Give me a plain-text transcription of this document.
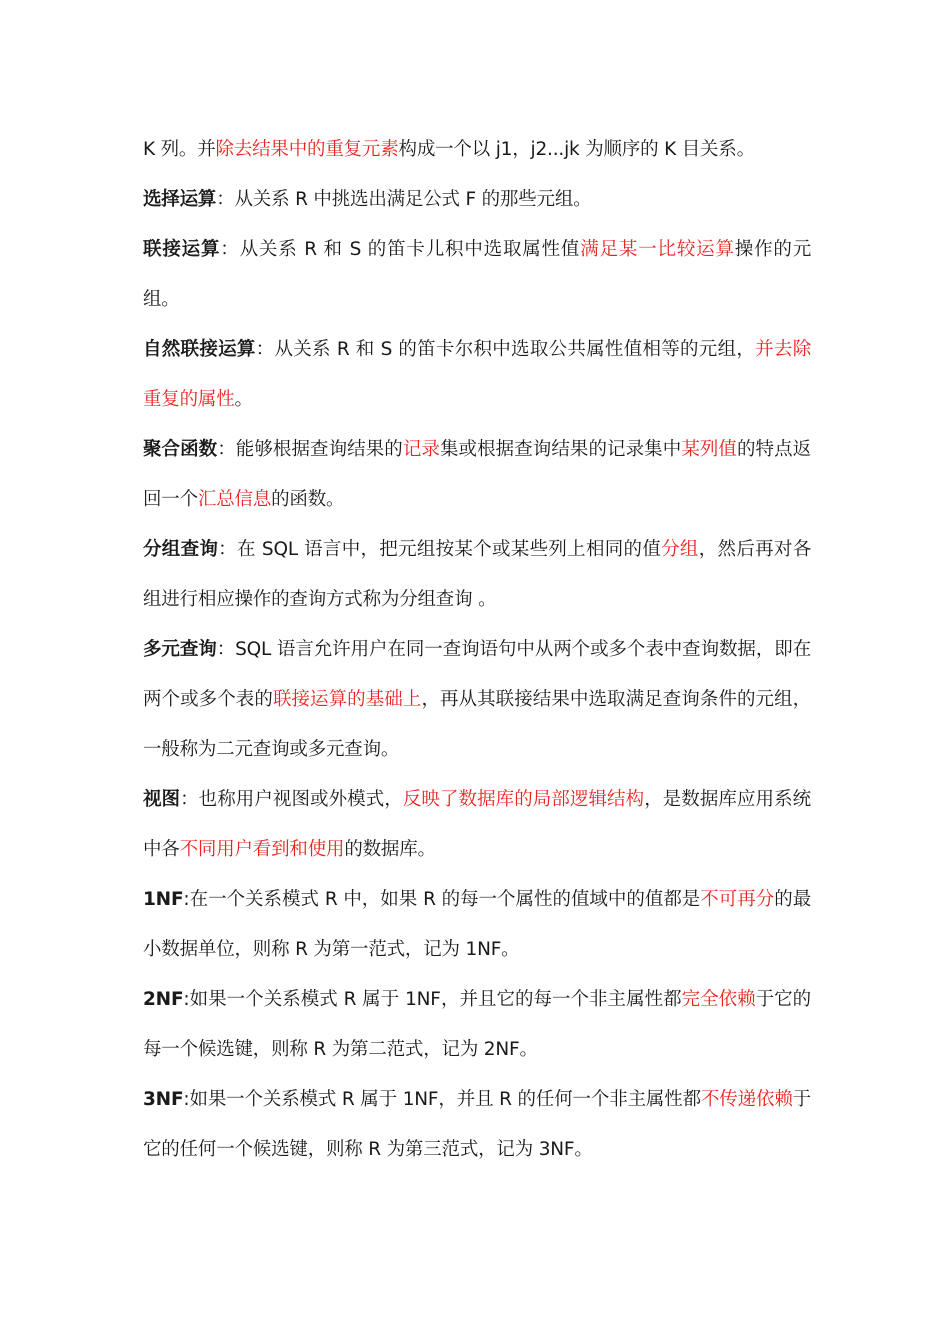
K 列。并除去结果中的重复元素构成一个以 j1，j2...jk 为顺序的 K 目关系。

选择运算：从关系 R 中挑选出满足公式 F 的那些元组。

联接运算：从关系 R 和 S 的笛卡儿积中选取属性值满足某一比较运算操作的元组。

自然联接运算：从关系 R 和 S 的笛卡尔积中选取公共属性值相等的元组，并去除重复的属性。

聚合函数：能够根据查询结果的记录集或根据查询结果的记录集中某列值的特点返回一个汇总信息的函数。

分组查询：在 SQL 语言中，把元组按某个或某些列上相同的值分组，然后再对各组进行相应操作的查询方式称为分组查询 。

多元查询：SQL 语言允许用户在同一查询语句中从两个或多个表中查询数据，即在两个或多个表的联接运算的基础上，再从其联接结果中选取满足查询条件的元组，一般称为二元查询或多元查询。

视图：也称用户视图或外模式，反映了数据库的局部逻辑结构，是数据库应用系统中各不同用户看到和使用的数据库。

1NF:在一个关系模式 R 中，如果 R 的每一个属性的值域中的值都是不可再分的最小数据单位，则称 R 为第一范式，记为 1NF。

2NF:如果一个关系模式 R 属于 1NF，并且它的每一个非主属性都完全依赖于它的每一个候选键，则称 R 为第二范式，记为 2NF。

3NF:如果一个关系模式 R 属于 1NF，并且 R 的任何一个非主属性都不传递依赖于它的任何一个候选键，则称 R 为第三范式，记为 3NF。
